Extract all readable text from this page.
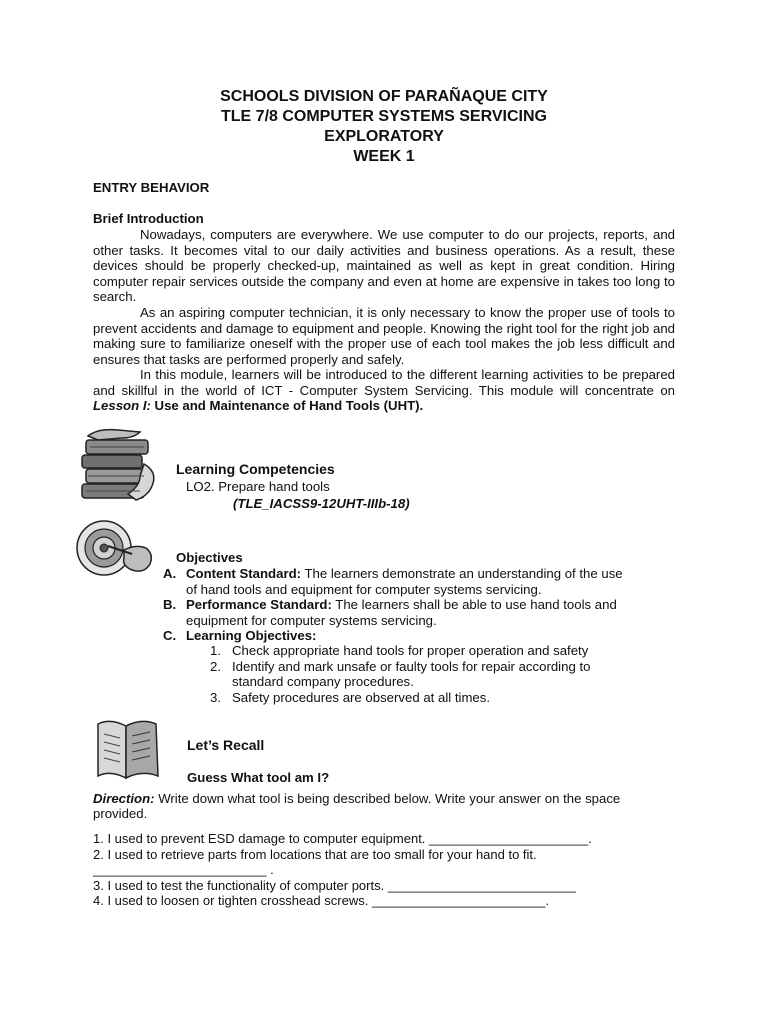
SCHOOLS DIVISION OF PARAÑAQUE CITY
TLE 7/8 COMPUTER SYSTEMS SERVICING
EXPLORATORY
WEEK 1
ENTRY BEHAVIOR
Brief Introduction
Nowadays, computers are everywhere. We use computer to do our projects, reports, and other tasks. It becomes vital to our daily activities and business operations. As a result, these devices should be properly checked-up, maintained as well as kept in great condition. Hiring computer repair services outside the company and even at home are expensive in takes too long to search.
As an aspiring computer technician, it is only necessary to know the proper use of tools to prevent accidents and damage to equipment and people. Knowing the right tool for the right job and making sure to familiarize oneself with the proper use of each tool makes the job less difficult and ensures that tasks are performed properly and safely.
In this module, learners will be introduced to the different learning activities to be prepared and skillful in the world of ICT - Computer System Servicing. This module will concentrate on Lesson I: Use and Maintenance of Hand Tools (UHT).
Learning Competencies
LO2. Prepare hand tools
(TLE_IACSS9-12UHT-IIIb-18)
Objectives
A. Content Standard: The learners demonstrate an understanding of the use
of hand tools and equipment for computer systems servicing.
B. Performance Standard: The learners shall be able to use hand tools and
equipment for computer systems servicing.
C. Learning Objectives:
1. Check appropriate hand tools for proper operation and safety
2. Identify and mark unsafe or faulty tools for repair according to
standard company procedures.
3. Safety procedures are observed at all times.
Let’s Recall
Guess What tool am I?
Direction: Write down what tool is being described below. Write your answer on the space
provided.
1. I used to prevent ESD damage to computer equipment. ______________________.
2. I used to retrieve parts from locations that are too small for your hand to fit.
________________________ .
3. I used to test the functionality of computer ports. __________________________
4. I used to loosen or tighten crosshead screws. ________________________.
